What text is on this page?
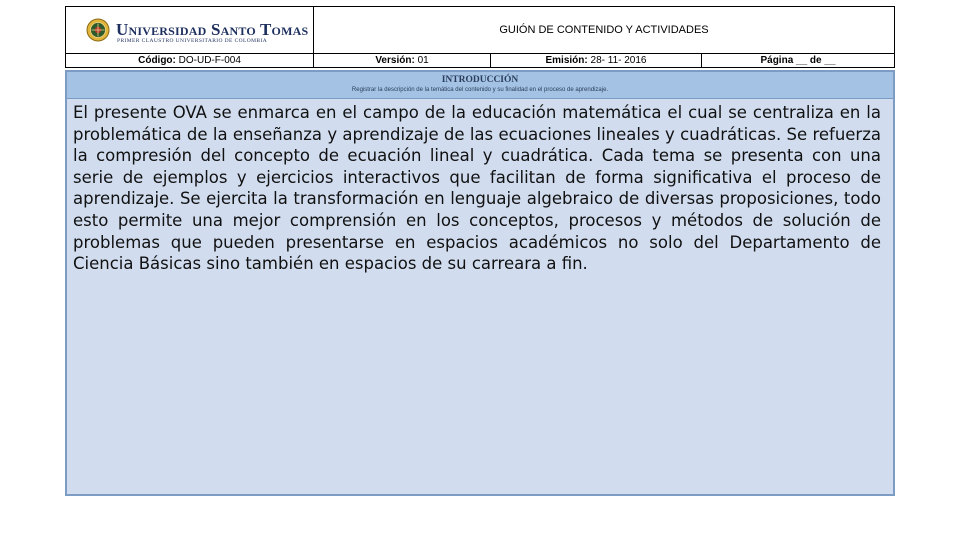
Universidad Santo Tomas
PRIMER CLAUSTRO UNIVERSITARIO DE COLOMBIA
GUIÓN DE CONTENIDO Y ACTIVIDADES
Código: DO-UD-F-004	Versión: 01	Emisión: 28- 11- 2016	Página __ de __
INTRODUCCIÓN
Registrar la descripción de la temática del contenido y su finalidad en el proceso de aprendizaje.
El presente OVA se enmarca en el campo de la educación matemática el cual se centraliza en la problemática de la enseñanza y aprendizaje de las ecuaciones lineales y cuadráticas. Se refuerza la compresión del concepto de ecuación lineal y cuadrática. Cada tema se presenta con una serie de ejemplos y ejercicios interactivos que facilitan de forma significativa el proceso de aprendizaje. Se ejercita la transformación en lenguaje algebraico de diversas proposiciones, todo esto permite una mejor comprensión en los conceptos, procesos y métodos de solución de problemas que pueden presentarse en espacios académicos no solo del Departamento de Ciencia Básicas sino también en espacios de su carreara a fin.
